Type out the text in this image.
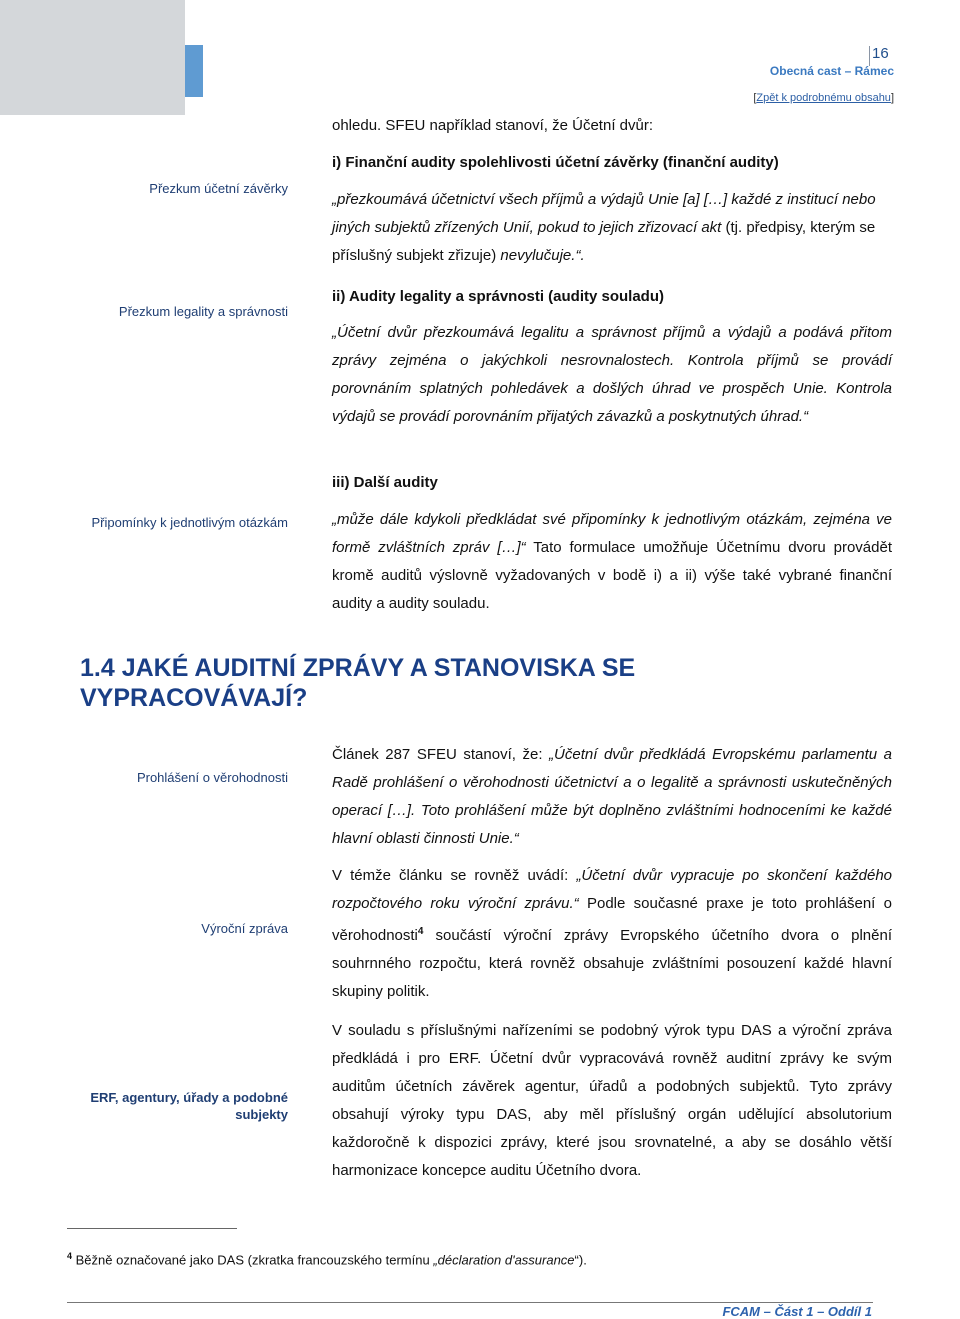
16
Obecná cast – Rámec
[Zpět k podrobnému obsahu]
Přezkum účetní závěrky
Přezkum legality a správnosti
Připomínky k jednotlivým otázkám
Prohlášení o věrohodnosti
Výroční zpráva
ERF, agentury, úřady a podobné
subjekty
ohledu. SFEU například stanoví, že Účetní dvůr:
i) Finanční audity spolehlivosti účetní závěrky (finanční audity)
„přezkoumává účetnictví všech příjmů a výdajů Unie [a] […] každé z institucí nebo jiných subjektů zřízených Unií, pokud to jejich zřizovací akt (tj. předpisy, kterým se příslušný subjekt zřizuje) nevylučuje.“.
ii) Audity legality a správnosti (audity souladu)
„Účetní dvůr přezkoumává legalitu a správnost příjmů a výdajů a podává přitom zprávy zejména o jakýchkoli nesrovnalostech. Kontrola příjmů se provádí porovnáním splatných pohledávek a došlých úhrad ve prospěch Unie. Kontrola výdajů se provádí porovnáním přijatých závazků a poskytnutých úhrad.“
iii) Další audity
„může dále kdykoli předkládat své připomínky k jednotlivým otázkám, zejména ve formě zvláštních zpráv […]“ Tato formulace umožňuje Účetnímu dvoru provádět kromě auditů výslovně vyžadovaných v bodě i) a ii) výše také vybrané finanční audity a audity souladu.
1.4 JAKÉ AUDITNÍ ZPRÁVY A STANOVISKA SE
VYPRACOVÁVAJÍ?
Článek 287 SFEU stanoví, že: „Účetní dvůr předkládá Evropskému parlamentu a Radě prohlášení o věrohodnosti účetnictví a o legalitě a správnosti uskutečněných operací […]. Toto prohlášení může být doplněno zvláštními hodnoceními ke každé hlavní oblasti činnosti Unie.“
V témže článku se rovněž uvádí: „Účetní dvůr vypracuje po skončení každého rozpočtového roku výroční zprávu.“ Podle současné praxe je toto prohlášení o věrohodnosti$^4$ součástí výroční zprávy Evropského účetního dvora o plnění souhrnného rozpočtu, která rovněž obsahuje zvláštními posouzení každé hlavní skupiny politik.
V souladu s příslušnými nařízeními se podobný výrok typu DAS a výroční zpráva předkládá i pro ERF. Účetní dvůr vypracovává rovněž auditní zprávy ke svým auditům účetních závěrek agentur, úřadů a podobných subjektů. Tyto zprávy obsahují výroky typu DAS, aby měl příslušný orgán udělující absolutorium každoročně k dispozici zprávy, které jsou srovnatelné, a aby se dosáhlo větší harmonizace koncepce auditu Účetního dvora.
$^4$ Běžně označované jako DAS (zkratka francouzského termínu „déclaration d'assurance“).
FCAM – Část 1 – Oddíl 1
